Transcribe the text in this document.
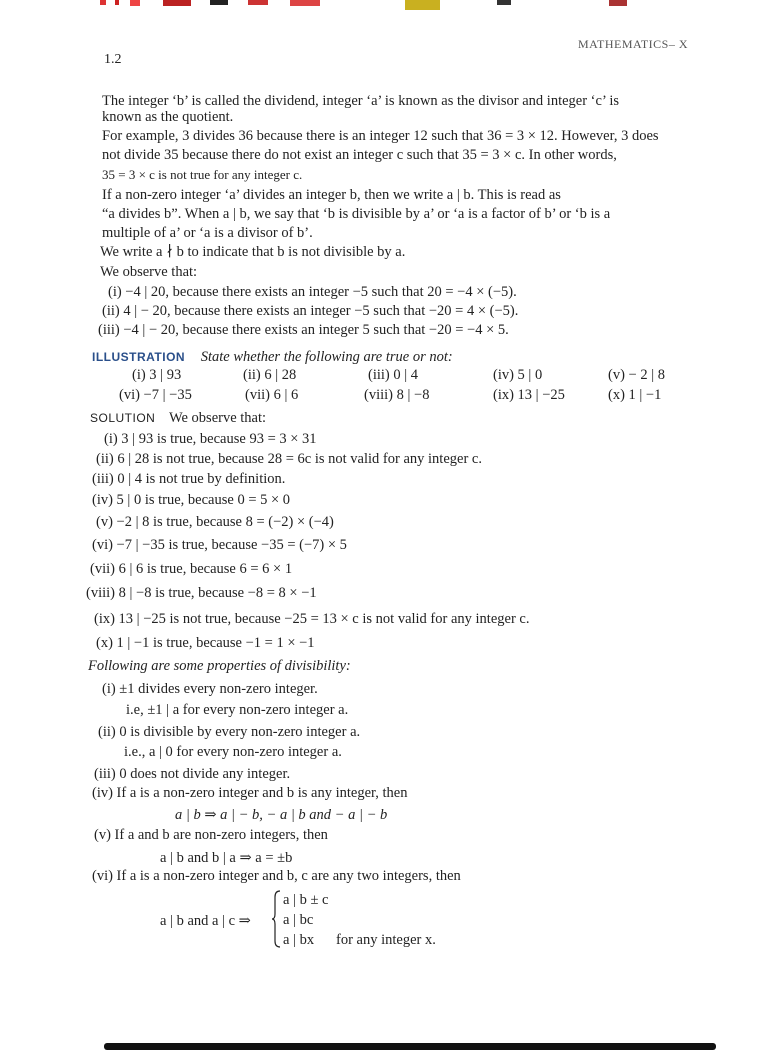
1.2
MATHEMATICS– X
The integer ‘b’ is called the dividend, integer ‘a’ is known as the divisor and integer ‘c’ is
known as the quotient.
For example, 3 divides 36 because there is an integer 12 such that 36 = 3 × 12. However, 3 does
not divide 35 because there do not exist an integer c such that 35 = 3 × c. In other words,
35 = 3 × c is not true for any integer c.
If a non-zero integer ‘a’ divides an integer b, then we write a | b. This is read as
“a divides b”. When a | b, we say that ‘b is divisible by a’ or ‘a is a factor of b’ or ‘b is a
multiple of a’ or ‘a is a divisor of b’.
We write a ∤ b to indicate that b is not divisible by a.
We observe that:
(i) −4 | 20, because there exists an integer −5 such that 20 = −4 × (−5).
(ii) 4 | − 20, because there exists an integer −5 such that −20 = 4 × (−5).
(iii) −4 | − 20, because there exists an integer 5 such that −20 = −4 × 5.
ILLUSTRATION State whether the following are true or not:
(i) 3 | 93	(ii) 6 | 28	(iii) 0 | 4	(iv) 5 | 0	(v) − 2 | 8
(vi) −7 | −35	(vii) 6 | 6	(viii) 8 | −8	(ix) 13 | −25	(x) 1 | −1
SOLUTION We observe that:
(i) 3 | 93 is true, because 93 = 3 × 31
(ii) 6 | 28 is not true, because 28 = 6c is not valid for any integer c.
(iii) 0 | 4 is not true by definition.
(iv) 5 | 0 is true, because 0 = 5 × 0
(v) −2 | 8 is true, because 8 = (−2) × (−4)
(vi) −7 | −35 is true, because −35 = (−7) × 5
(vii) 6 | 6 is true, because 6 = 6 × 1
(viii) 8 | −8 is true, because −8 = 8 × −1
(ix) 13 | −25 is not true, because −25 = 13 × c is not valid for any integer c.
(x) 1 | −1 is true, because −1 = 1 × −1
Following are some properties of divisibility:
(i) ±1 divides every non-zero integer.
i.e, ±1 | a for every non-zero integer a.
(ii) 0 is divisible by every non-zero integer a.
i.e., a | 0 for every non-zero integer a.
(iii) 0 does not divide any integer.
(iv) If a is a non-zero integer and b is any integer, then
a | b ⇒ a | − b, − a | b and − a | − b
(v) If a and b are non-zero integers, then
a | b and b | a ⇒ a = ±b
(vi) If a is a non-zero integer and b, c are any two integers, then
a | b and a | c ⇒
a | b ± c
a | bc
a | bx for any integer x.
